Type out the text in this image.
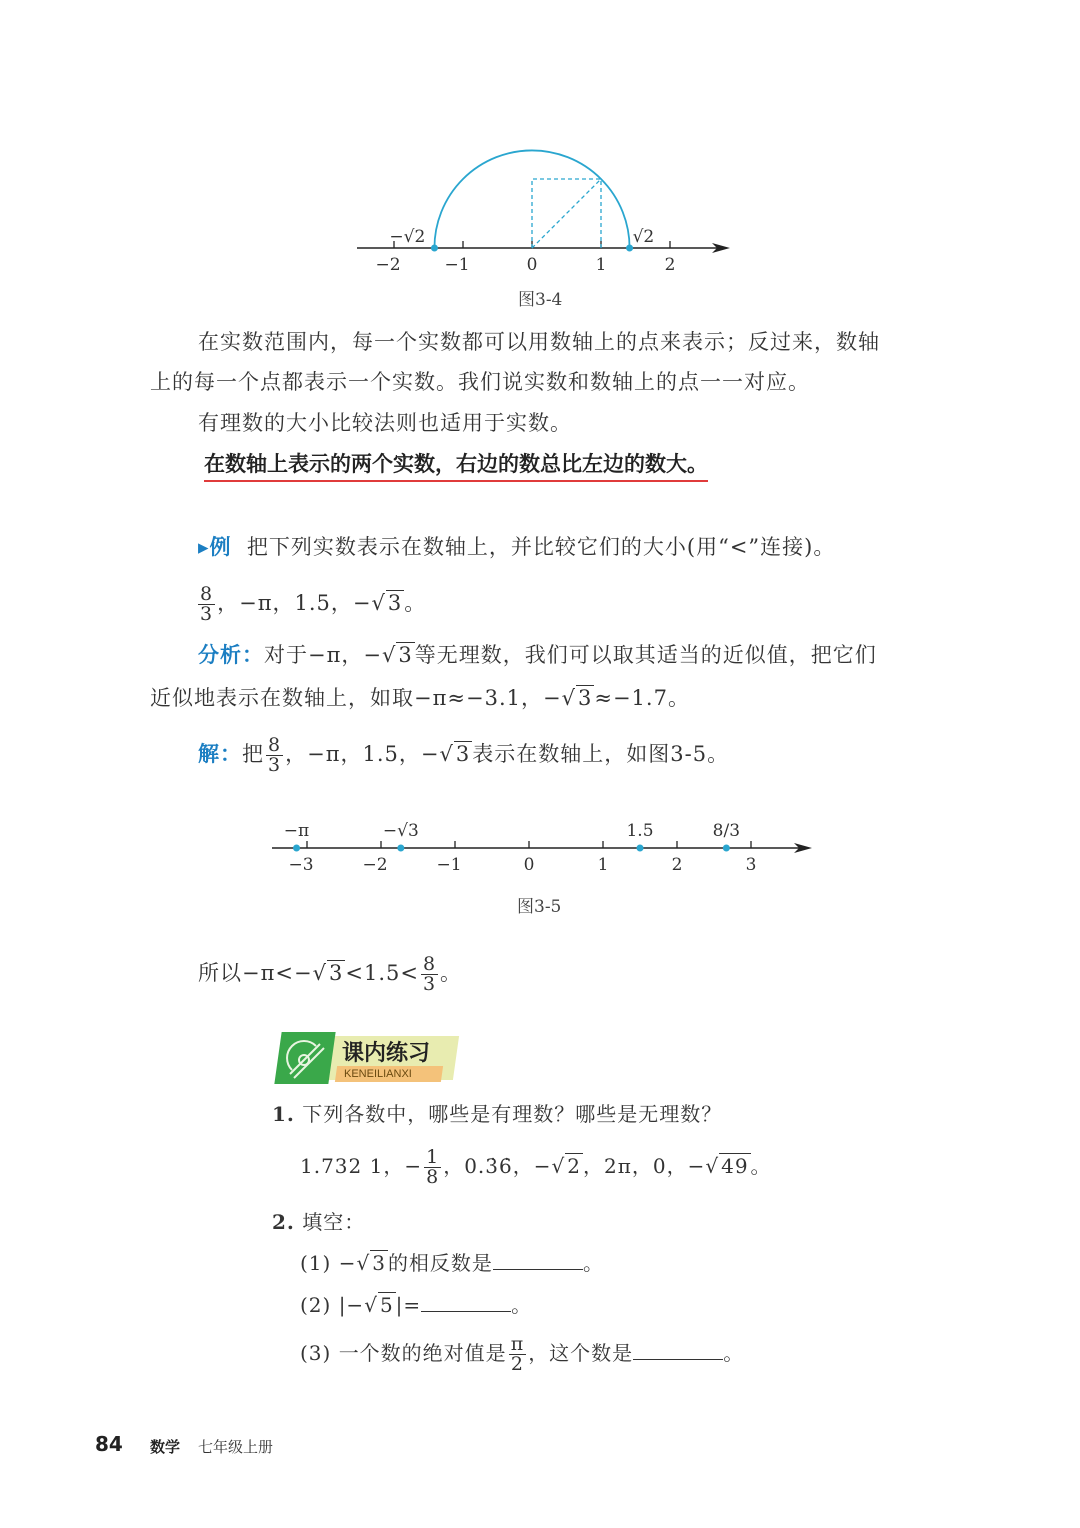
−2	−1	0	1	2
−√2	√2
−3	−2	−1	0	1	2	3
−π	−√3	1.5	8/3
图3-4
在实数范围内，每一个实数都可以用数轴上的点来表示；反过来，数轴
上的每一个点都表示一个实数。我们说实数和数轴上的点一一对应。
有理数的大小比较法则也适用于实数。
在数轴上表示的两个实数，右边的数总比左边的数大。
▸例 把下列实数表示在数轴上，并比较它们的大小(用“<”连接)。
$\frac{8}{3}$ ，−π，1.5，−√3。
分析：对于−π，−√3等无理数，我们可以取其适当的近似值，把它们
近似地表示在数轴上，如取−π≈−3.1，−√3≈−1.7。
解：把 $\frac{8}{3}$ ，−π，1.5，−√3表示在数轴上，如图3-5。
图3-5
所以$-\pi<-√3<1.5< \frac{8}{3}$ 。
课内练习
KENEILIANXI
1. 下列各数中，哪些是有理数？哪些是无理数？
1.732 1，− $\frac{1}{8}$ ，0.3̇6̇，−√ 2 ，2π，0，−√ 49 。
2. 填空：
(1) −√ 3 的相反数是	。
(2) |−√ 5 |=	。
(3) 一个数的绝对值是 $\frac{\pi}{2}$ ，这个数是	。
84 数学 七年级上册
